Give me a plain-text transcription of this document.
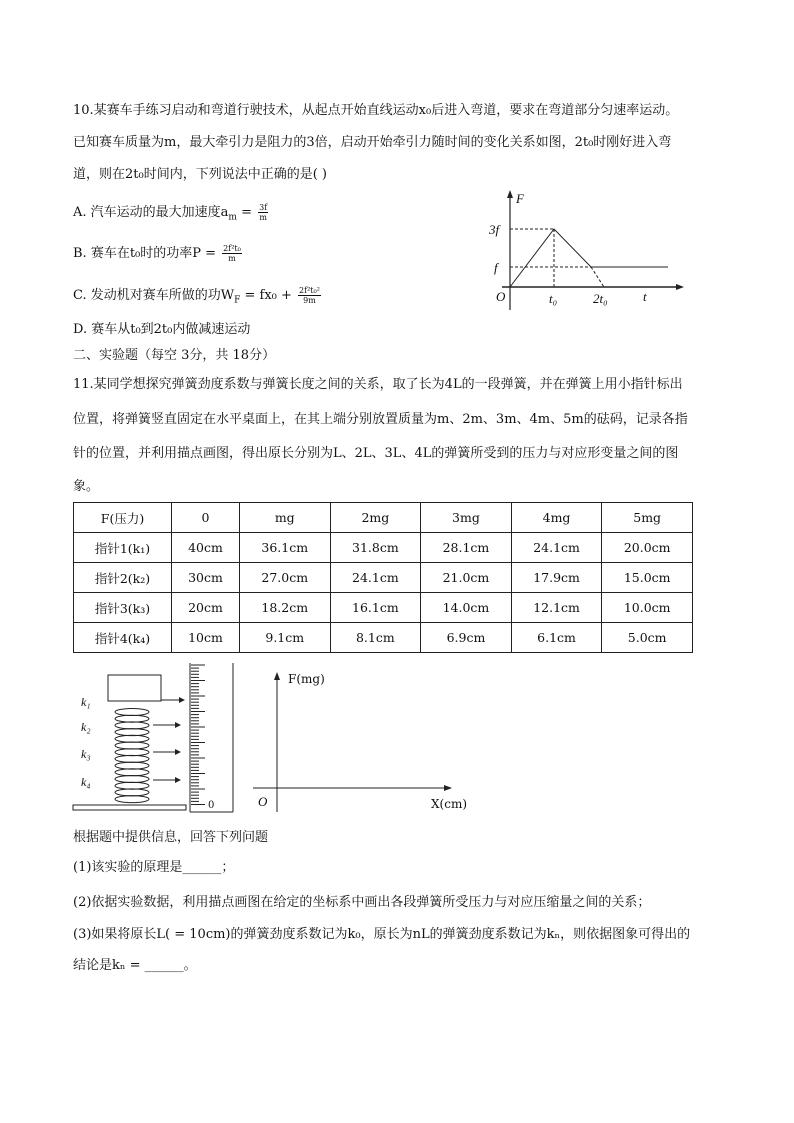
10.某赛车手练习启动和弯道行驶技术，从起点开始直线运动x₀后进入弯道，要求在弯道部分匀速率运动。
已知赛车质量为m，最大牵引力是阻力的3倍，启动开始牵引力随时间的变化关系如图，2t₀时刚好进入弯
道，则在2t₀时间内，下列说法中正确的是( )
A. 汽车运动的最大加速度$a_m = \frac{3f}{m}$
B. 赛车在t₀时的功率$P = \frac{\text{2f²t₀}}{m}$
C. 发动机对赛车所做的功$W_F = fx_0 + \frac{\text{2f²t₀²}}{9m}$
D. 赛车从t₀到2t₀内做减速运动
F
3f
f
O	t₀	2t₀	t
二、实验题（每空 3分，共 18分）
11.某同学想探究弹簧劲度系数与弹簧长度之间的关系，取了长为4L的一段弹簧，并在弹簧上用小指针标出
位置，将弹簧竖直固定在水平桌面上，在其上端分别放置质量为m、2m、3m、4m、5m的砝码，记录各指
针的位置，并利用描点画图，得出原长分别为L、2L、3L、4L的弹簧所受到的压力与对应形变量之间的图
象。
F(压力)	0	mg	2mg	3mg	4mg	5mg
指针1(k₁)	40cm	36.1cm	31.8cm	28.1cm	24.1cm	20.0cm
指针2(k₂)	30cm	27.0cm	24.1cm	21.0cm	17.9cm	15.0cm
指针3(k₃)	20cm	18.2cm	16.1cm	14.0cm	12.1cm	10.0cm
指针4(k₄)	10cm	9.1cm	8.1cm	6.9cm	6.1cm	5.0cm
k₁
k₂
k₃
k₄
0
F(mg)
O	X(cm)
根据题中提供信息，回答下列问题
(1)该实验的原理是______；
(2)依据实验数据，利用描点画图在给定的坐标系中画出各段弹簧所受压力与对应压缩量之间的关系；
(3)如果将原长L( = 10cm)的弹簧劲度系数记为k₀，原长为nL的弹簧劲度系数记为kₙ，则依据图象可得出的
结论是kₙ = ______。
